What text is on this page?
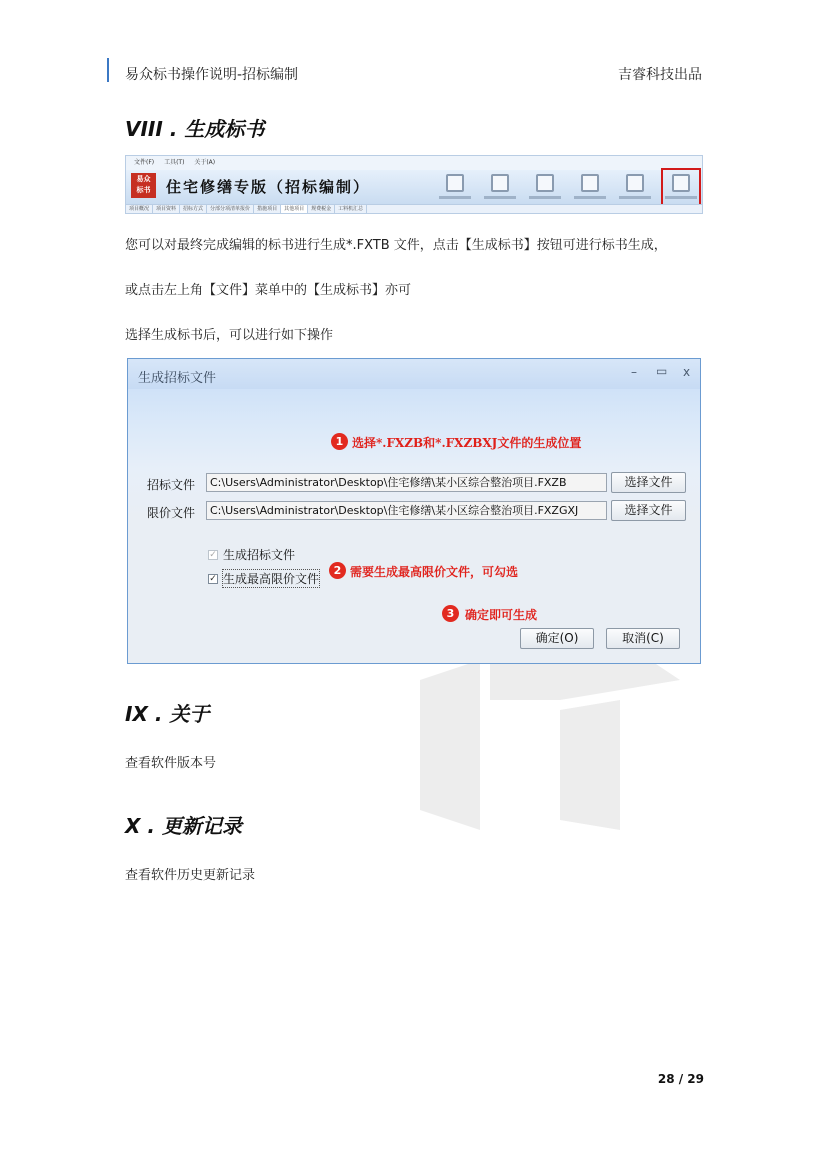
易众标书操作说明-招标编制	吉睿科技出品
VIII . 生成标书
文件(F) 工具(T) 关于(A)
易众
标书	住宅修缮专版（招标编制）
项目概况 项目资料 招标方式 分部分项清单报价 措施项目 其他项目 规费税金 工料机汇总
您可以对最终完成编辑的标书进行生成*.FXTB 文件，点击【生成标书】按钮可进行标书生成，
或点击左上角【文件】菜单中的【生成标书】亦可
选择生成标书后，可以进行如下操作
生成招标文件	– ▭ x
1 选择*.FXZB和*.FXZBXJ文件的生成位置
招标文件	C:\Users\Administrator\Desktop\住宅修缮\某小区综合整治项目.FXZB	选择文件
限价文件	C:\Users\Administrator\Desktop\住宅修缮\某小区综合整治项目.FXZGXJ	选择文件
✓ 生成招标文件
✓ 生成最高限价文件
2 需要生成最高限价文件，可勾选
3 确定即可生成
确定(O)	取消(C)
IX . 关于
查看软件版本号
X . 更新记录
查看软件历史更新记录
28 / 29
